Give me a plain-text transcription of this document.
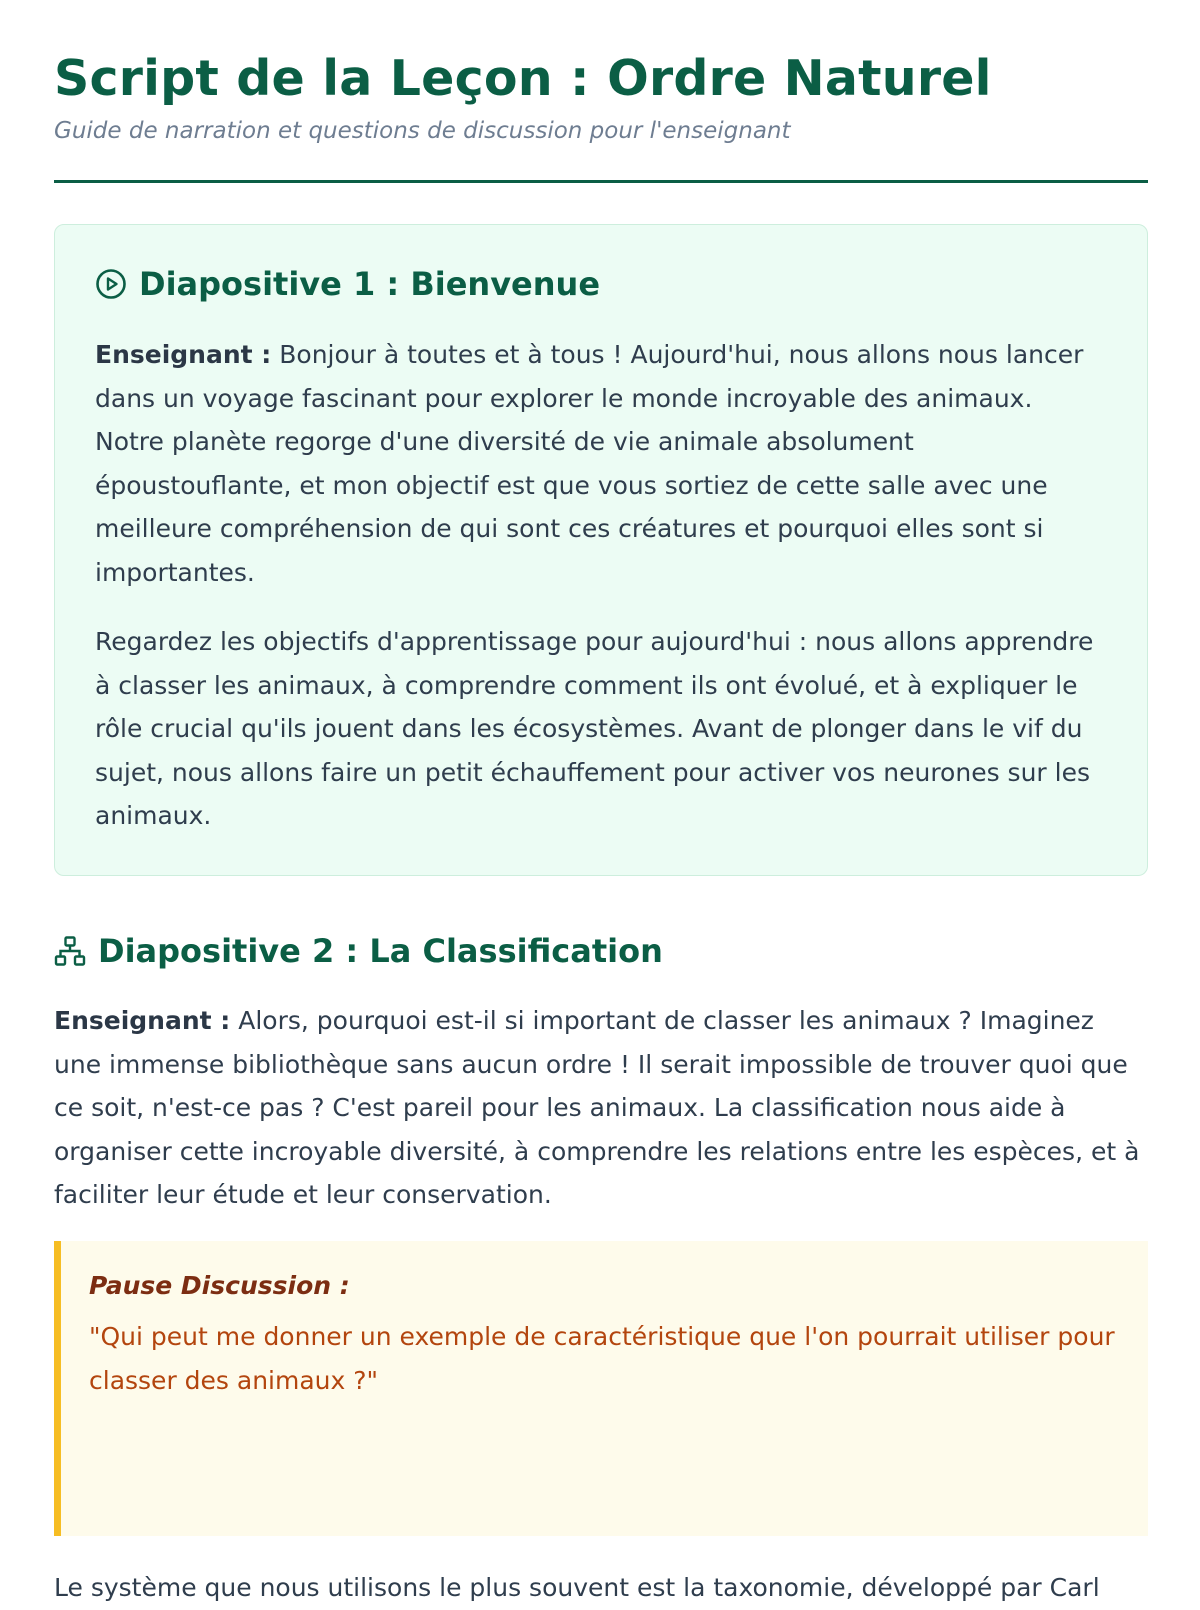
Script de la Leçon : Ordre Naturel
Guide de narration et questions de discussion pour l'enseignant
Diapositive 1 : Bienvenue

Enseignant : Bonjour à toutes et à tous ! Aujourd'hui, nous allons nous lancer dans un voyage fascinant pour explorer le monde incroyable des animaux. Notre planète regorge d'une diversité de vie animale absolument époustouflante, et mon objectif est que vous sortiez de cette salle avec une meilleure compréhension de qui sont ces créatures et pourquoi elles sont si importantes.

Regardez les objectifs d'apprentissage pour aujourd'hui : nous allons apprendre à classer les animaux, à comprendre comment ils ont évolué, et à expliquer le rôle crucial qu'ils jouent dans les écosystèmes. Avant de plonger dans le vif du sujet, nous allons faire un petit échauffement pour activer vos neurones sur les animaux.

Diapositive 2 : La Classification

Enseignant : Alors, pourquoi est-il si important de classer les animaux ? Imaginez une immense bibliothèque sans aucun ordre ! Il serait impossible de trouver quoi que ce soit, n'est-ce pas ? C'est pareil pour les animaux. La classification nous aide à organiser cette incroyable diversité, à comprendre les relations entre les espèces, et à faciliter leur étude et leur conservation.

Pause Discussion :

"Qui peut me donner un exemple de caractéristique que l'on pourrait utiliser pour classer des animaux ?"

Le système que nous utilisons le plus souvent est la taxonomie, développé par Carl
